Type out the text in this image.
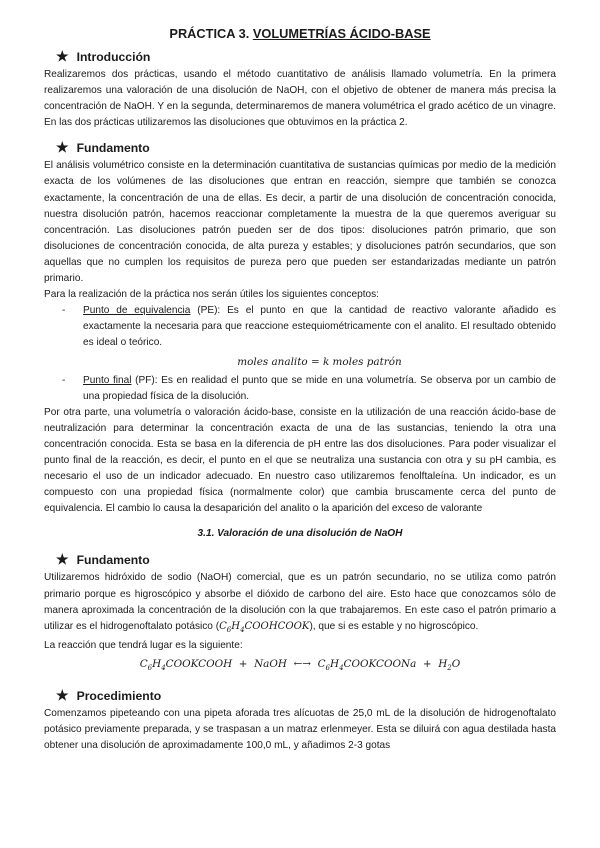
PRÁCTICA 3. VOLUMETRÍAS ÁCIDO-BASE
★ Introducción

Realizaremos dos prácticas, usando el método cuantitativo de análisis llamado volumetría. En la primera realizaremos una valoración de una disolución de NaOH, con el objetivo de obtener de manera más precisa la concentración de NaOH. Y en la segunda, determinaremos de manera volumétrica el grado acético de un vinagre. En las dos prácticas utilizaremos las disoluciones que obtuvimos en la práctica 2.

★ Fundamento

El análisis volumétrico consiste en la determinación cuantitativa de sustancias químicas por medio de la medición exacta de los volúmenes de las disoluciones que entran en reacción, siempre que también se conozca exactamente, la concentración de una de ellas. Es decir, a partir de una disolución de concentración conocida, nuestra disolución patrón, hacemos reaccionar completamente la muestra de la que queremos averiguar su concentración. Las disoluciones patrón pueden ser de dos tipos: disoluciones patrón primario, que son disoluciones de concentración conocida, de alta pureza y estables; y disoluciones patrón secundarios, que son aquellas que no cumplen los requisitos de pureza pero que pueden ser estandarizadas mediante un patrón primario.

Para la realización de la práctica nos serán útiles los siguientes conceptos:

- Punto de equivalencia (PE): Es el punto en que la cantidad de reactivo valorante añadido es exactamente la necesaria para que reaccione estequiométricamente con el analito. El resultado obtenido es ideal o teórico.
moles analito = k moles patrón
- Punto final (PF): Es en realidad el punto que se mide en una volumetría. Se observa por un cambio de una propiedad física de la disolución.

Por otra parte, una volumetría o valoración ácido-base, consiste en la utilización de una reacción ácido-base de neutralización para determinar la concentración exacta de una de las sustancias, teniendo la otra una concentración conocida. Esta se basa en la diferencia de pH entre las dos disoluciones. Para poder visualizar el punto final de la reacción, es decir, el punto en el que se neutraliza una sustancia con otra y su pH cambia, es necesario el uso de un indicador adecuado. En nuestro caso utilizaremos fenolftaleína. Un indicador, es un compuesto con una propiedad física (normalmente color) que cambia bruscamente cerca del punto de equivalencia. El cambio lo causa la desaparición del analito o la aparición del exceso de valorante

3.1. Valoración de una disolución de NaOH
★ Fundamento

Utilizaremos hidróxido de sodio (NaOH) comercial, que es un patrón secundario, no se utiliza como patrón primario porque es higroscópico y absorbe el dióxido de carbono del aire. Esto hace que conozcamos sólo de manera aproximada la concentración de la disolución con la que trabajaremos. En este caso el patrón primario a utilizar es el hidrogenoftalato potásico $(C_6H_4COOHCOOK)$, que si es estable y no higroscópico.

La reacción que tendrá lugar es la siguiente:

$C_6H_4COOKCOOH$  +  NaOH  ←→  $C_6H_4COOKCOONa + H_2O$
★ Procedimiento

Comenzamos pipeteando con una pipeta aforada tres alícuotas de 25,0 mL de la disolución de hidrogenoftalato potásico previamente preparada, y se traspasan a un matraz erlenmeyer. Esta se diluirá con agua destilada hasta obtener una disolución de aproximadamente 100,0 mL, y añadimos 2-3 gotas
